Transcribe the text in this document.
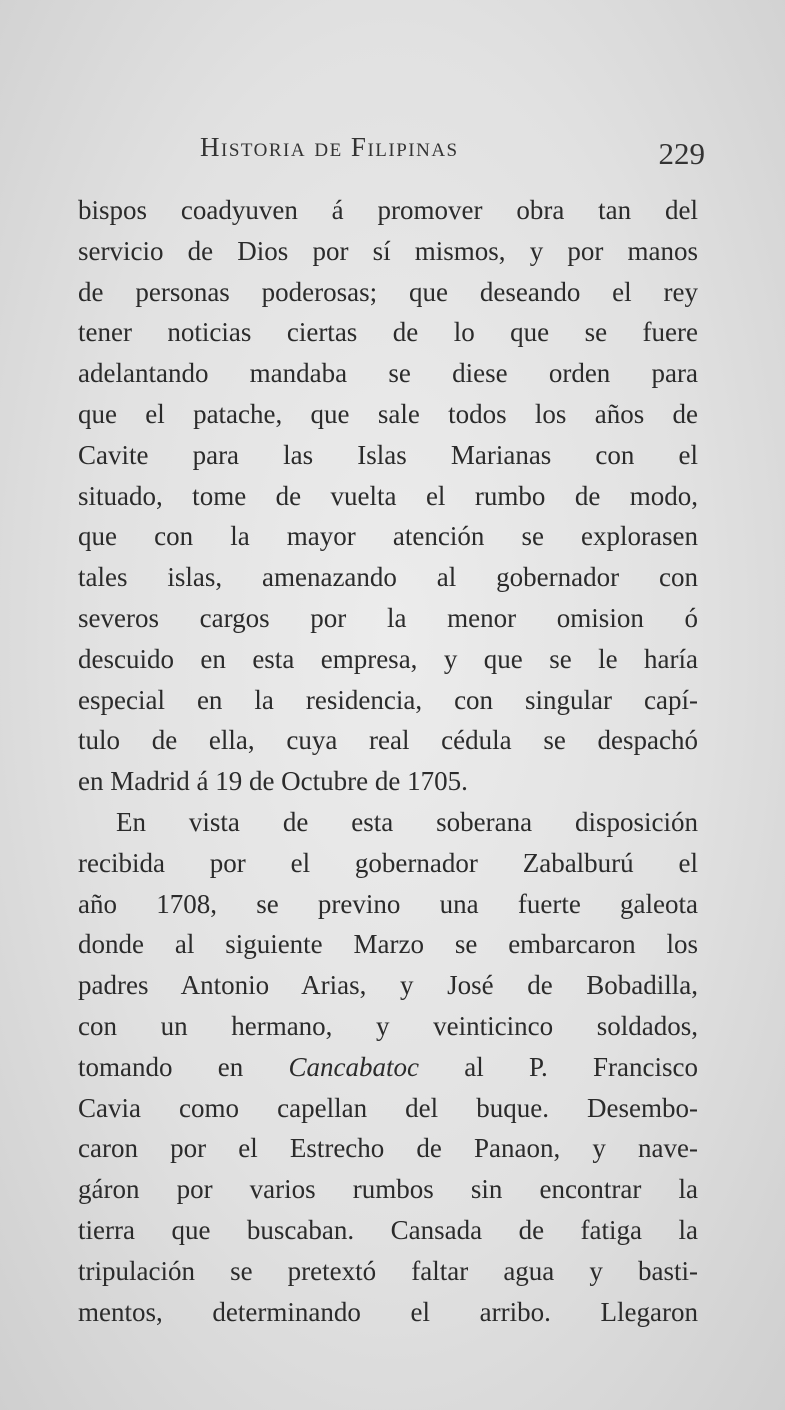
Historia de Filipinas	229
bispos coadyuven á promover obra tan del
servicio de Dios por sí mismos, y por manos
de personas poderosas; que deseando el rey
tener noticias ciertas de lo que se fuere
adelantando mandaba se diese orden para
que el patache, que sale todos los años de
Cavite para las Islas Marianas con el
situado, tome de vuelta el rumbo de modo,
que con la mayor atención se explorasen
tales islas, amenazando al gobernador con
severos cargos por la menor omision ó
descuido en esta empresa, y que se le haría
especial en la residencia, con singular capí-
tulo de ella, cuya real cédula se despachó
en Madrid á 19 de Octubre de 1705.
En vista de esta soberana disposición
recibida por el gobernador Zabalburú el
año 1708, se previno una fuerte galeota
donde al siguiente Marzo se embarcaron los
padres Antonio Arias, y José de Bobadilla,
con un hermano, y veinticinco soldados,
tomando en Cancabatoc al P. Francisco
Cavia como capellan del buque. Desembo-
caron por el Estrecho de Panaon, y nave-
gáron por varios rumbos sin encontrar la
tierra que buscaban. Cansada de fatiga la
tripulación se pretextó faltar agua y basti-
mentos, determinando el arribo. Llegaron
